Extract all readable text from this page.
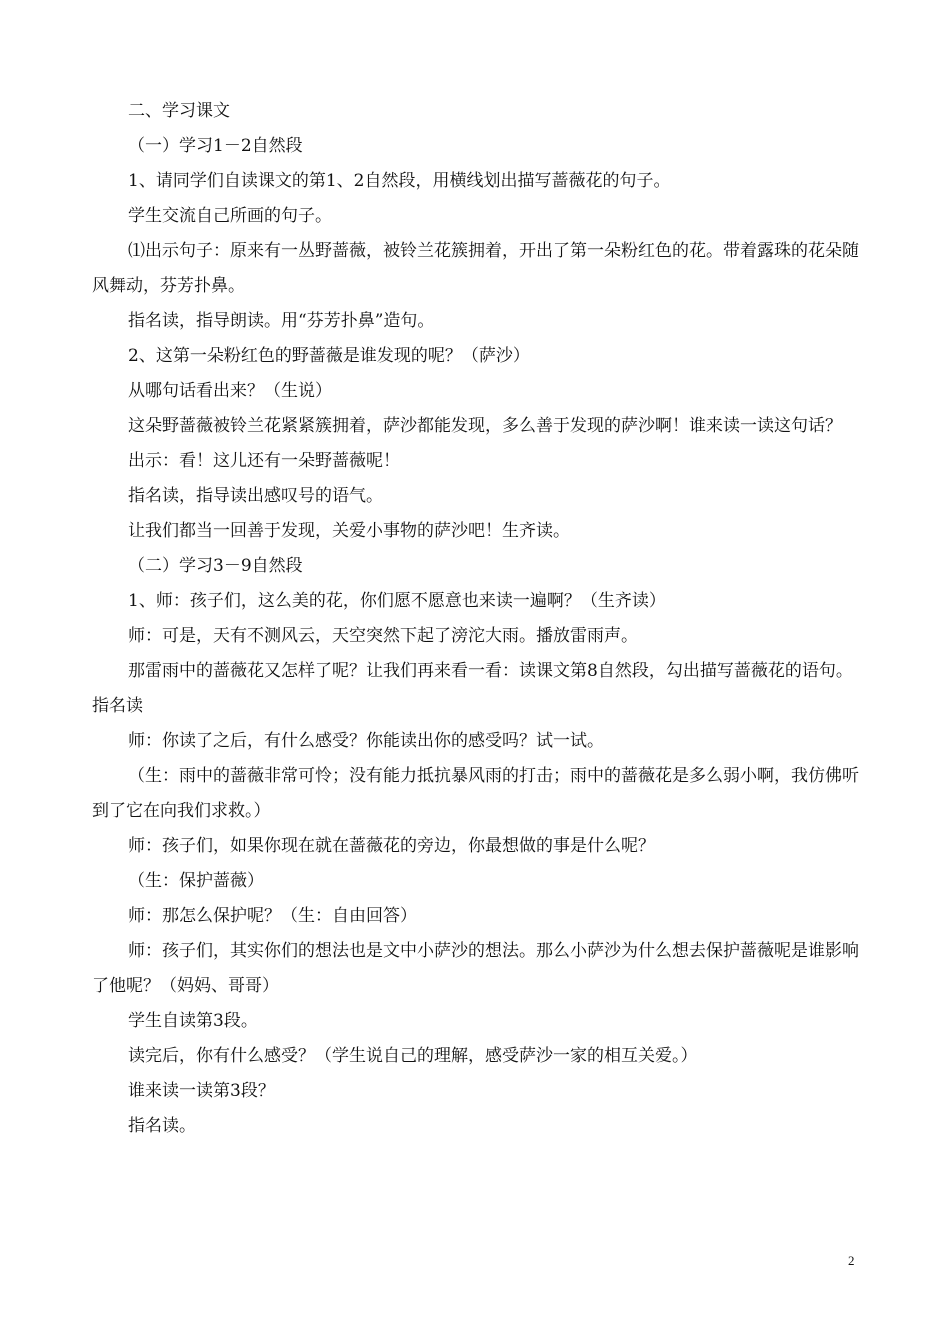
二、学习课文

（一）学习1－2自然段

1、请同学们自读课文的第1、2自然段，用横线划出描写蔷薇花的句子。

学生交流自己所画的句子。

⑴出示句子：原来有一丛野蔷薇，被铃兰花簇拥着，开出了第一朵粉红色的花。带着露珠的花朵随风舞动，芬芳扑鼻。

指名读，指导朗读。用“芬芳扑鼻”造句。

2、这第一朵粉红色的野蔷薇是谁发现的呢？（萨沙）

从哪句话看出来？（生说）

这朵野蔷薇被铃兰花紧紧簇拥着，萨沙都能发现，多么善于发现的萨沙啊！谁来读一读这句话？

出示：看！这儿还有一朵野蔷薇呢！

指名读，指导读出感叹号的语气。

让我们都当一回善于发现，关爱小事物的萨沙吧！生齐读。

（二）学习3－9自然段

1、师：孩子们，这么美的花，你们愿不愿意也来读一遍啊？（生齐读）

师：可是，天有不测风云，天空突然下起了滂沱大雨。播放雷雨声。

那雷雨中的蔷薇花又怎样了呢？让我们再来看一看：读课文第8自然段，勾出描写蔷薇花的语句。指名读

师：你读了之后，有什么感受？你能读出你的感受吗？试一试。

（生：雨中的蔷薇非常可怜；没有能力抵抗暴风雨的打击；雨中的蔷薇花是多么弱小啊，我仿佛听到了它在向我们求救。）

师：孩子们，如果你现在就在蔷薇花的旁边，你最想做的事是什么呢？

（生：保护蔷薇）

师：那怎么保护呢？（生：自由回答）

师：孩子们，其实你们的想法也是文中小萨沙的想法。那么小萨沙为什么想去保护蔷薇呢是谁影响了他呢？（妈妈、哥哥）

学生自读第3段。

读完后，你有什么感受？（学生说自己的理解，感受萨沙一家的相互关爱。）

谁来读一读第3段？

指名读。

2
